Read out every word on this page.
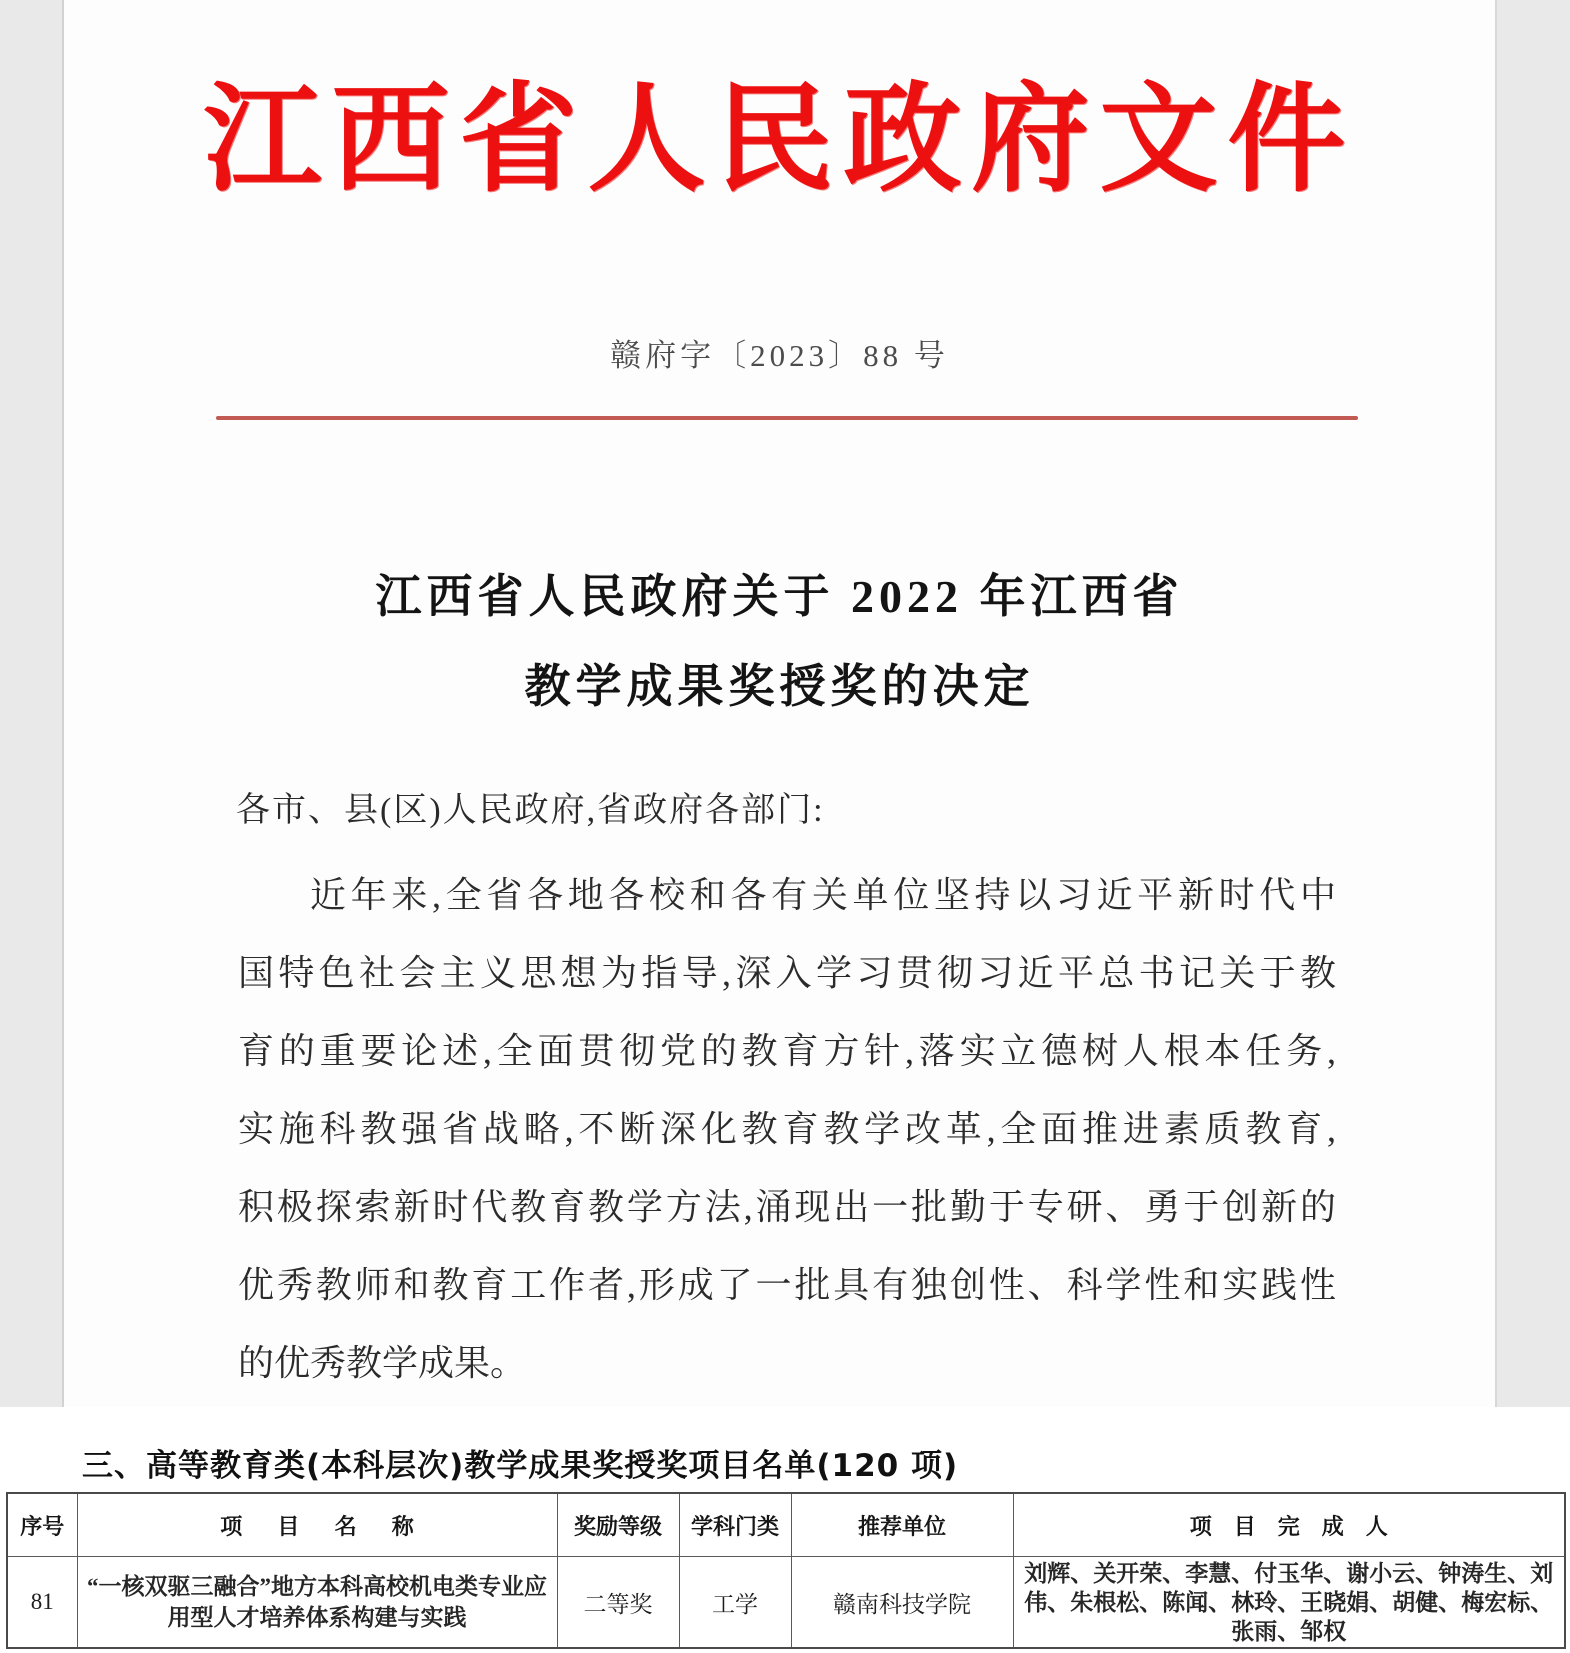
江西省人民政府文件
赣府字〔2023〕88 号
江西省人民政府关于 2022 年江西省
教学成果奖授奖的决定
各市、县(区)人民政府,省政府各部门:
近年来,全省各地各校和各有关单位坚持以习近平新时代中
国特色社会主义思想为指导,深入学习贯彻习近平总书记关于教
育的重要论述,全面贯彻党的教育方针,落实立德树人根本任务,
实施科教强省战略,不断深化教育教学改革,全面推进素质教育,
积极探索新时代教育教学方法,涌现出一批勤于专研、勇于创新的
优秀教师和教育工作者,形成了一批具有独创性、科学性和实践性
的优秀教学成果。
三、高等教育类(本科层次)教学成果奖授奖项目名单(120 项)
序号	项目名称	奖励等级	学科门类	推荐单位	项目完成人
81	“一核双驱三融合”地方本科高校机电类专业应用型人才培养体系构建与实践	二等奖	工学	赣南科技学院	刘辉、关开荣、李慧、付玉华、谢小云、钟涛生、刘伟、朱根松、陈闻、林玲、王晓娟、胡健、梅宏标、张雨、邹权
